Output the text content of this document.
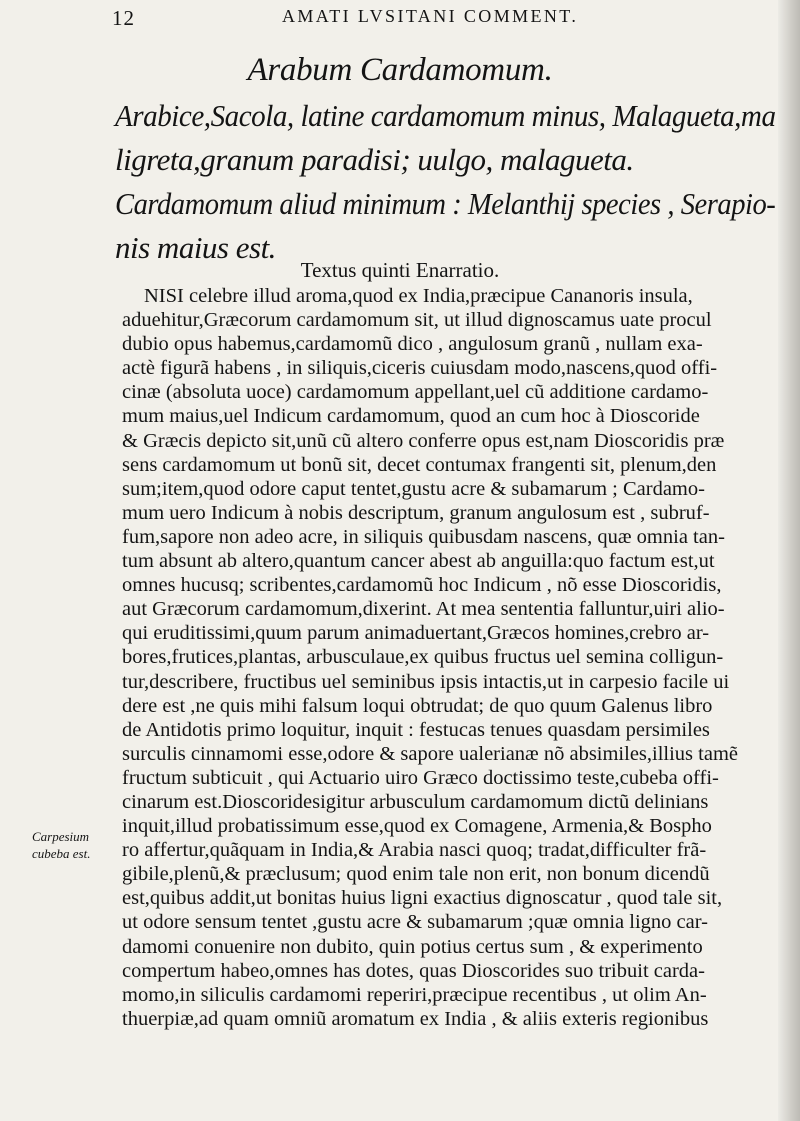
12	AMATI LVSITANI COMMENT.
Arabum Cardamomum.
Arabice,Sacola, latine cardamomum minus, Malagueta,ma
ligreta,granum paradisi; uulgo, malagueta.
Cardamomum aliud minimum : Melanthij species , Serapio-
nis maius est.
Textus quinti Enarratio.
NISI celebre illud aroma,quod ex India,præcipue Cananoris insula,
aduehitur,Græcorum cardamomum sit, ut illud dignoscamus uate procul
dubio opus habemus,cardamomũ dico , angulosum granũ , nullam exa-
actè figurã habens , in siliquis,ciceris cuiusdam modo,nascens,quod offi-
cinæ (absoluta uoce) cardamomum appellant,uel cũ additione cardamo-
mum maius,uel Indicum cardamomum, quod an cum hoc à Dioscoride
& Græcis depicto sit,unũ cũ altero conferre opus est,nam Dioscoridis præ
sens cardamomum ut bonũ sit, decet contumax frangenti sit, plenum,den
sum;item,quod odore caput tentet,gustu acre & subamarum ; Cardamo-
mum uero Indicum à nobis descriptum, granum angulosum est , subruf-
fum,sapore non adeo acre, in siliquis quibusdam nascens, quæ omnia tan-
tum absunt ab altero,quantum cancer abest ab anguilla:quo factum est,ut
omnes hucusq; scribentes,cardamomũ hoc Indicum , nõ esse Dioscoridis,
aut Græcorum cardamomum,dixerint. At mea sententia falluntur,uiri alio-
qui eruditissimi,quum parum animaduertant,Græcos homines,crebro ar-
bores,frutices,plantas, arbusculaue,ex quibus fructus uel semina colligun-
tur,describere, fructibus uel seminibus ipsis intactis,ut in carpesio facile ui
dere est ,ne quis mihi falsum loqui obtrudat; de quo quum Galenus libro
de Antidotis primo loquitur, inquit : festucas tenues quasdam persimiles
surculis cinnamomi esse,odore & sapore ualerianæ nõ absimiles,illius tamẽ
fructum subticuit , qui Actuario uiro Græco doctissimo teste,cubeba offi-
cinarum est.Dioscoridesigitur arbusculum cardamomum dictũ delinians
inquit,illud probatissimum esse,quod ex Comagene, Armenia,& Bospho
ro affertur,quãquam in India,& Arabia nasci quoq; tradat,difficulter frã-
gibile,plenũ,& præclusum; quod enim tale non erit, non bonum dicendũ
est,quibus addit,ut bonitas huius ligni exactius dignoscatur , quod tale sit,
ut odore sensum tentet ,gustu acre & subamarum ;quæ omnia ligno car-
damomi conuenire non dubito, quin potius certus sum , & experimento
compertum habeo,omnes has dotes, quas Dioscorides suo tribuit carda-
momo,in siliculis cardamomi reperiri,præcipue recentibus , ut olim An-
thuerpiæ,ad quam omniũ aromatum ex India , & aliis exteris regionibus
Carpesium
cubeba est.
